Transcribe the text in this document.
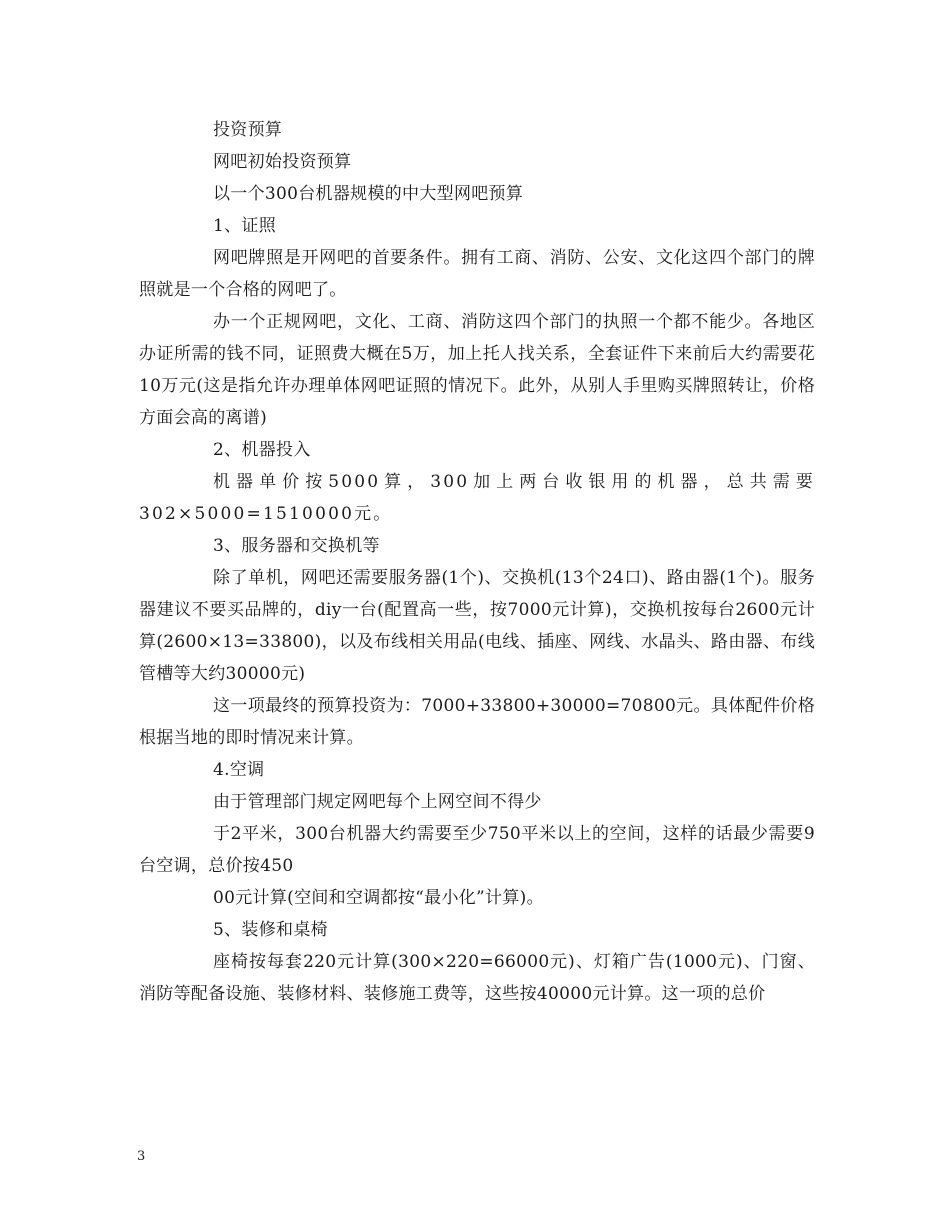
投资预算

网吧初始投资预算

以一个300台机器规模的中大型网吧预算

1、证照

网吧牌照是开网吧的首要条件。拥有工商、消防、公安、文化这四个部门的牌照就是一个合格的网吧了。

办一个正规网吧，文化、工商、消防这四个部门的执照一个都不能少。各地区办证所需的钱不同，证照费大概在5万，加上托人找关系，全套证件下来前后大约需要花10万元(这是指允许办理单体网吧证照的情况下。此外，从别人手里购买牌照转让，价格方面会高的离谱)

2、机器投入

机器单价按5000算，300加上两台收银用的机器，总共需要302×5000=1510000元。

3、服务器和交换机等

除了单机，网吧还需要服务器(1个)、交换机(13个24口)、路由器(1个)。服务器建议不要买品牌的，diy一台(配置高一些，按7000元计算)，交换机按每台2600元计算(2600×13=33800)，以及布线相关用品(电线、插座、网线、水晶头、路由器、布线管槽等大约30000元)

这一项最终的预算投资为：7000+33800+30000=70800元。具体配件价格根据当地的即时情况来计算。

4.空调

由于管理部门规定网吧每个上网空间不得少

于2平米，300台机器大约需要至少750平米以上的空间，这样的话最少需要9台空调，总价按450

00元计算(空间和空调都按“最小化”计算)。

5、装修和桌椅

座椅按每套220元计算(300×220=66000元)、灯箱广告(1000元)、门窗、消防等配备设施、装修材料、装修施工费等，这些按40000元计算。这一项的总价

3
